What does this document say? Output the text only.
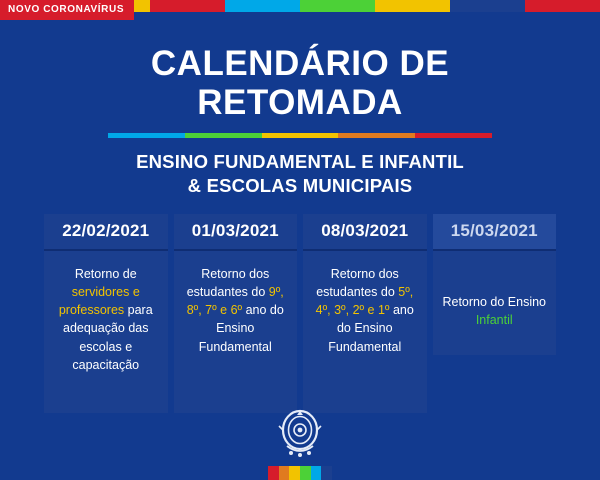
NOVO CORONAVÍRUS
CALENDÁRIO DE
RETOMADA
ENSINO FUNDAMENTAL E INFANTIL
& ESCOLAS MUNICIPAIS
22/02/2021
Retorno de servidores e professores para adequação das escolas e capacitação
01/03/2021
Retorno dos estudantes do 9º, 8º, 7º e 6º ano do Ensino Fundamental
08/03/2021
Retorno dos estudantes do 5º, 4º, 3º, 2º e 1º ano do Ensino Fundamental
15/03/2021
Retorno do Ensino Infantil
